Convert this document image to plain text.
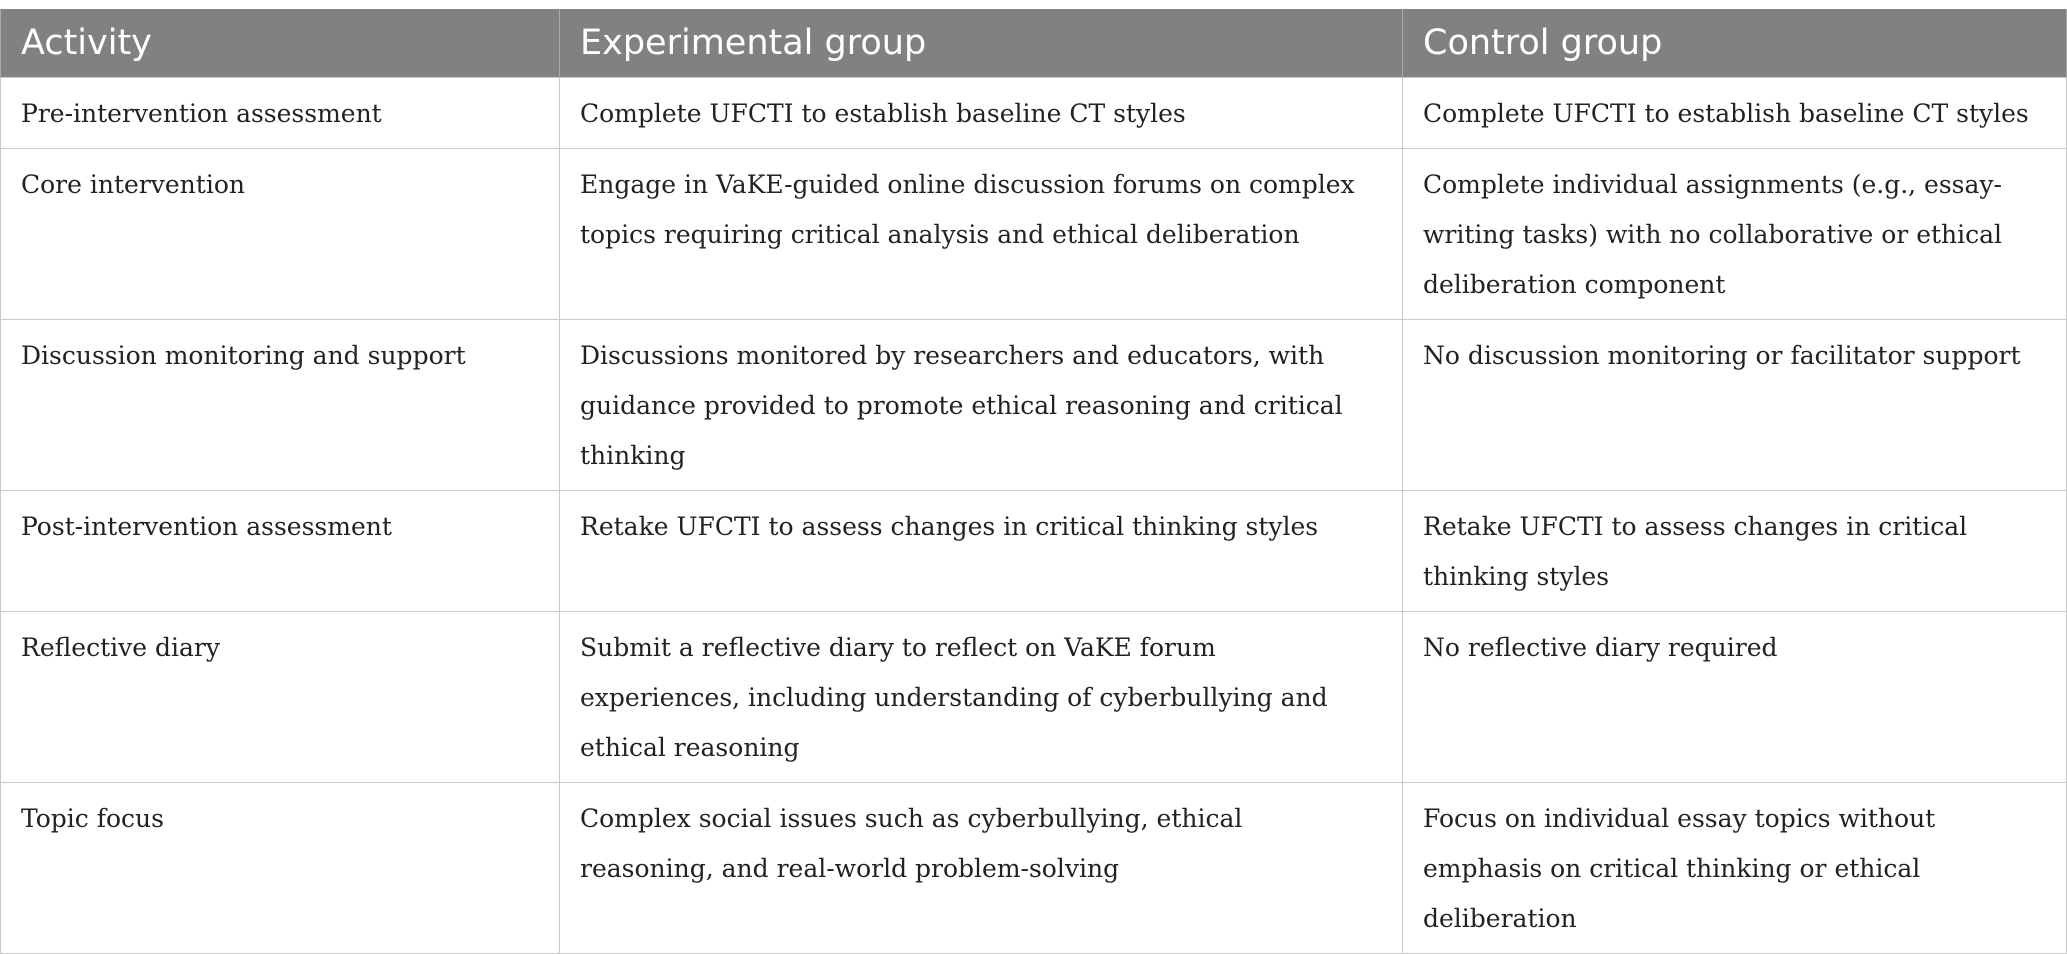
Activity	Experimental group	Control group
Pre-intervention assessment	Complete UFCTI to establish baseline CT styles	Complete UFCTI to establish baseline CT styles
Core intervention	Engage in VaKE-guided online discussion forums on complex topics requiring critical analysis and ethical deliberation	Complete individual assignments (e.g., essay-writing tasks) with no collaborative or ethical deliberation component
Discussion monitoring and support	Discussions monitored by researchers and educators, with guidance provided to promote ethical reasoning and critical thinking	No discussion monitoring or facilitator support
Post-intervention assessment	Retake UFCTI to assess changes in critical thinking styles	Retake UFCTI to assess changes in critical thinking styles
Reflective diary	Submit a reflective diary to reflect on VaKE forum experiences, including understanding of cyberbullying and ethical reasoning	No reflective diary required
Topic focus	Complex social issues such as cyberbullying, ethical reasoning, and real-world problem-solving	Focus on individual essay topics without emphasis on critical thinking or ethical deliberation
